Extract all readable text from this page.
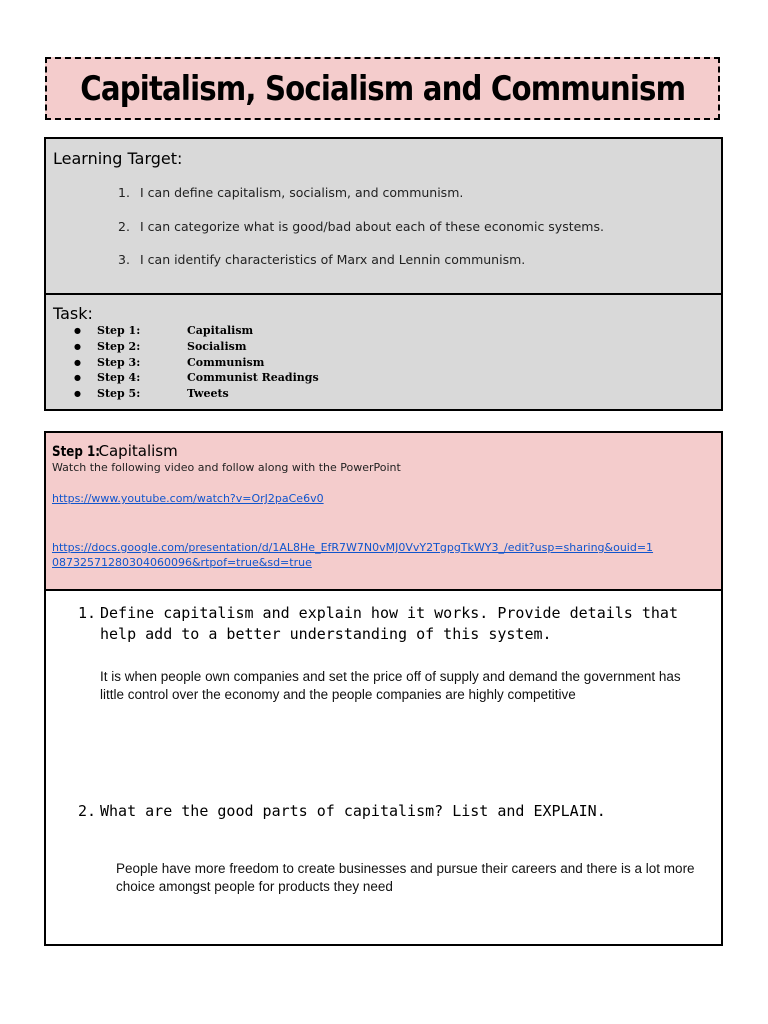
Capitalism, Socialism and Communism
Learning Target:
1. I can define capitalism, socialism, and communism.
2. I can categorize what is good/bad about each of these economic systems.
3. I can identify characteristics of Marx and Lennin communism.
Task:
● Step 1:	Capitalism
● Step 2:	Socialism
● Step 3:	Communism
● Step 4:	Communist Readings
● Step 5:	Tweets
Step 1:Capitalism
Watch the following video and follow along with the PowerPoint
https://www.youtube.com/watch?v=OrJ2paCe6v0
https://docs.google.com/presentation/d/1AL8He_EfR7W7N0vMJ0VvY2TgpgTkWY3_/edit?usp=sharing&ouid=1
08732571280304060096&rtpof=true&sd=true
1. Define capitalism and explain how it works. Provide details that help add to a better understanding of this system.
It is when people own companies and set the price off of supply and demand the government has
little control over the economy and the people companies are highly competitive
2. What are the good parts of capitalism? List and EXPLAIN.
People have more freedom to create businesses and pursue their careers and there is a lot more
choice amongst people for products they need
